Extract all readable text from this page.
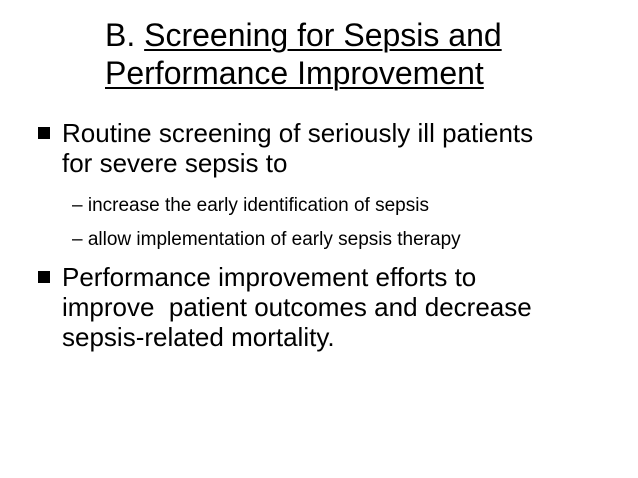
B. Screening for Sepsis and
Performance Improvement
Routine screening of seriously ill patients
for severe sepsis to
– increase the early identification of sepsis
– allow implementation of early sepsis therapy
Performance improvement efforts to
improve  patient outcomes and decrease
sepsis-related mortality.
